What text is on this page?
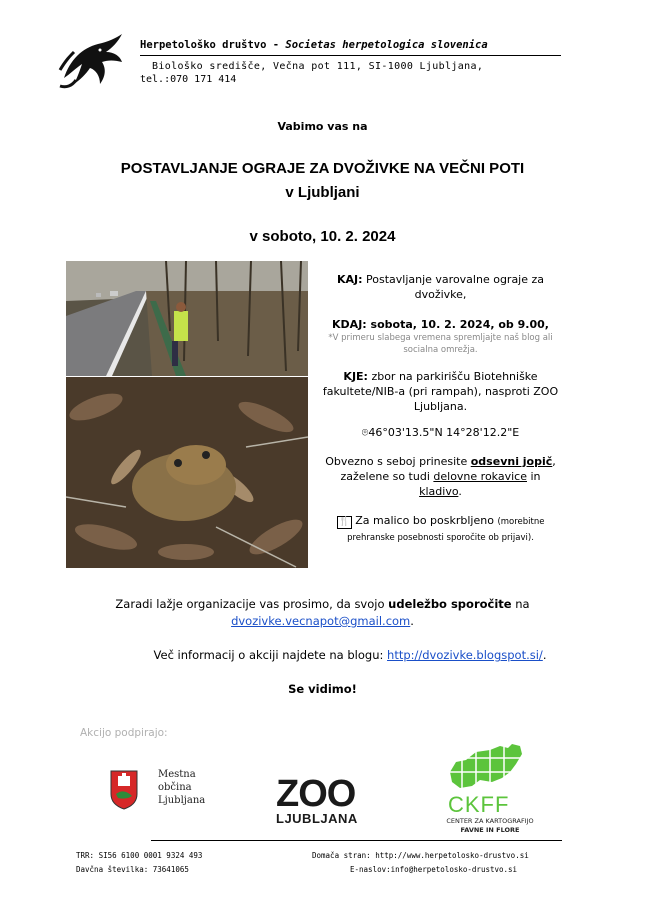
Herpetološko društvo - Societas herpetologica slovenica
Biološko središče, Večna pot 111, SI-1000 Ljubljana,
tel.:070 171 414
Vabimo vas na
POSTAVLJANJE OGRAJE ZA DVOŽIVKE NA VEČNI POTI
v Ljubljani
v soboto, 10. 2. 2024

KAJ: Postavljanje varovalne ograje za dvoživke,

KDAJ: sobota, 10. 2. 2024, ob 9.00,

*V primeru slabega vremena spremljajte naš blog ali socialna omrežja.

KJE: zbor na parkirišču Biotehniške fakultete/NIB-a (pri rampah), nasproti ZOO Ljubljana.

⌾46°03'13.5"N 14°28'12.2"E

Obvezno s seboj prinesite odsevni jopič, zaželene so tudi delovne rokavice in kladivo.

🍴 Za malico bo poskrbljeno (morebitne prehranske posebnosti sporočite ob prijavi).

Zaradi lažje organizacije vas prosimo, da svojo udeležbo sporočite na
dvozivke.vecnapot@gmail.com.
Več informacij o akciji najdete na blogu: http://dvozivke.blogspot.si/.
Se vidimo!
Akcijo podpirajo:
Mestna občina
Ljubljana	ZOO
LJUBLJANA
CKFF
CENTER ZA KARTOGRAFIJO
FAVNE IN FLORE
TRR: SI56 6100 0001 9324 493
Davčna številka: 73641065
Domača stran: http://www.herpetolosko-drustvo.si
E-naslov:info@herpetolosko-drustvo.si
